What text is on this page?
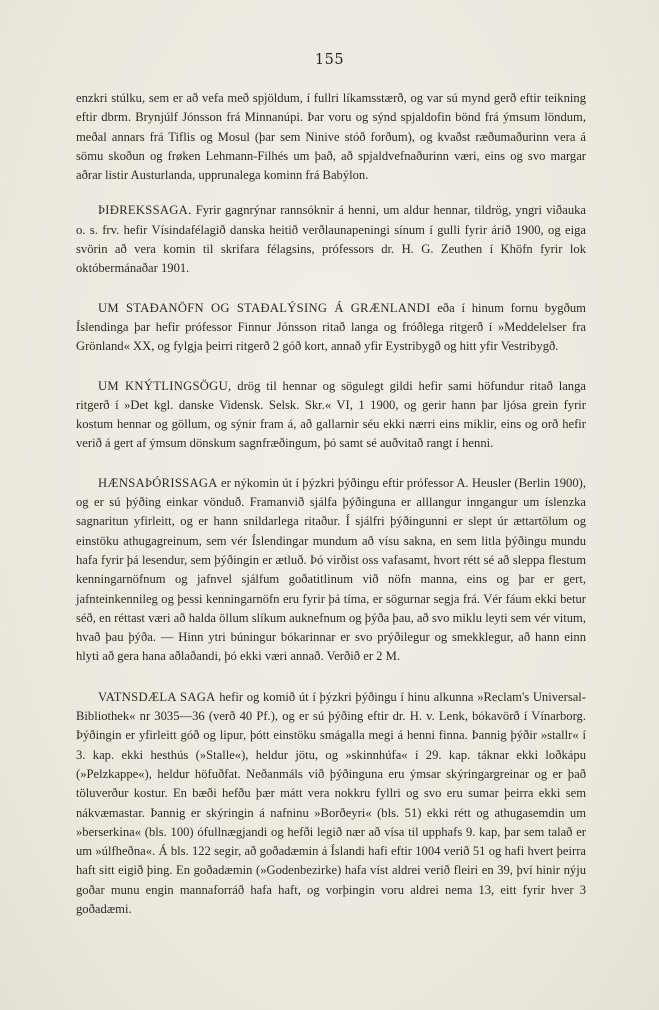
155

enzkri stúlku, sem er að vefa með spjöldum, í fullri líkamsstærð, og var sú mynd gerð eftir teikning eftir dbrm. Brynjúlf Jónsson frá Minnanúpi. Þar voru og sýnd spjaldofin bönd frá ýmsum löndum, meðal annars frá Tiflis og Mosul (þar sem Ninive stóð forðum), og kvaðst ræðumaðurinn vera á sömu skoðun og frøken Lehmann-Filhés um það, að spjaldvefnaðurinn væri, eins og svo margar aðrar listir Austurlanda, upprunalega kominn frá Babýlon.

ÞIÐREKSSAGA. Fyrir gagnrýnar rannsóknir á henni, um aldur hennar, tildrög, yngri viðauka o. s. frv. hefir Vísindafélagið danska heitið verðlaunapeningi sínum í gulli fyrir árið 1900, og eiga svörin að vera komin til skrifara félagsins, prófessors dr. H. G. Zeuthen í Khöfn fyrir lok októbermánaðar 1901.

UM STAÐANÖFN OG STAÐALÝSING Á GRÆNLANDI eða í hinum fornu bygðum Íslendinga þar hefir prófessor Finnur Jónsson ritað langa og fróðlega ritgerð í »Meddelelser fra Grönland« XX, og fylgja þeirri ritgerð 2 góð kort, annað yfir Eystribygð og hitt yfir Vestribygð.

UM KNÝTLINGSÖGU, drög til hennar og sögulegt gildi hefir sami höfundur ritað langa ritgerð í »Det kgl. danske Vidensk. Selsk. Skr.« VI, 1 1900, og gerir hann þar ljósa grein fyrir kostum hennar og göllum, og sýnir fram á, að gallarnir séu ekki nærri eins miklir, eins og orð hefir verið á gert af ýmsum dönskum sagnfræðingum, þó samt sé auðvitað rangt í henni.

HÆNSAÞÓRISSAGA er nýkomin út í þýzkri þýðingu eftir prófessor A. Heusler (Berlin 1900), og er sú þýðing einkar vönduð. Framanvið sjálfa þýðinguna er alllangur inngangur um íslenzka sagnaritun yfirleitt, og er hann snildarlega ritaður. Í sjálfri þýðingunni er slept úr ættartölum og einstöku athugagreinum, sem vér Íslendingar mundum að vísu sakna, en sem litla þýðingu mundu hafa fyrir þá lesendur, sem þýðingin er ætluð. Þó virðist oss vafasamt, hvort rétt sé að sleppa flestum kenningarnöfnum og jafnvel sjálfum goðatitlinum við nöfn manna, eins og þar er gert, jafnteinkennileg og þessi kenningarnöfn eru fyrir þá tíma, er sögurnar segja frá. Vér fáum ekki betur séð, en réttast væri að halda öllum slíkum auknefnum og þýða þau, að svo miklu leyti sem vér vitum, hvað þau þýða. — Hinn ytri búningur bókarinnar er svo prýðilegur og smekklegur, að hann einn hlyti að gera hana aðlaðandi, þó ekki væri annað. Verðið er 2 M.

VATNSDÆLA SAGA hefir og komið út í þýzkri þýðingu í hinu alkunna »Reclam's Universal-Bibliothek« nr 3035—36 (verð 40 Pf.), og er sú þýðing eftir dr. H. v. Lenk, bókavörð í Vínarborg. Þýðingin er yfirleitt góð og lipur, þótt einstöku smágalla megi á henni finna. Þannig þýðir »stallr« í 3. kap. ekki hesthús (»Stalle«), heldur jötu, og »skinnhúfa« í 29. kap. táknar ekki loðkápu (»Pelzkappe«), heldur höfuðfat. Neðanmáls við þýðinguna eru ýmsar skýringargreinar og er það töluverður kostur. En bæði hefðu þær mátt vera nokkru fyllri og svo eru sumar þeirra ekki sem nákvæmastar. Þannig er skýringin á nafninu »Borðeyri« (bls. 51) ekki rétt og athugasemdin um »berserkina« (bls. 100) ófullnægjandi og hefði legið nær að vísa til upphafs 9. kap, þar sem talað er um »úlfheðna«. Á bls. 122 segir, að goðadæmin á Íslandi hafi eftir 1004 verið 51 og hafi hvert þeirra haft sitt eigið þing. En goðadæmin (»Godenbezirke) hafa víst aldrei verið fleiri en 39, því hinir nýju goðar munu engin mannaforráð hafa haft, og vorþingin voru aldrei nema 13, eitt fyrir hver 3 goðadæmi.
